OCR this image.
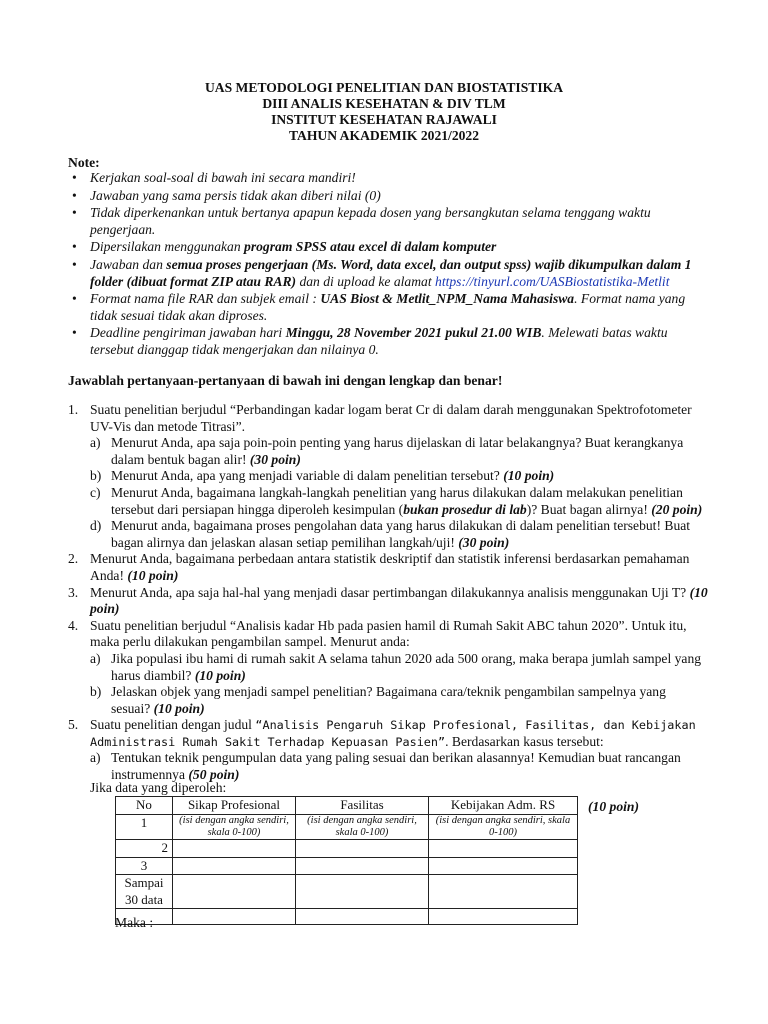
UAS METODOLOGI PENELITIAN DAN BIOSTATISTIKA
DIII ANALIS KESEHATAN & DIV TLM
INSTITUT KESEHATAN RAJAWALI
TAHUN AKADEMIK 2021/2022
Note:
• Kerjakan soal-soal di bawah ini secara mandiri!
• Jawaban yang sama persis tidak akan diberi nilai (0)
• Tidak diperkenankan untuk bertanya apapun kepada dosen yang bersangkutan selama tenggang waktu pengerjaan.
• Dipersilakan menggunakan program SPSS atau excel di dalam komputer
• Jawaban dan semua proses pengerjaan (Ms. Word, data excel, dan output spss) wajib dikumpulkan dalam 1 folder (dibuat format ZIP atau RAR) dan di upload ke alamat https://tinyurl.com/UASBiostatistika-Metlit
• Format nama file RAR dan subjek email : UAS Biost & Metlit_NPM_Nama Mahasiswa. Format nama yang tidak sesuai tidak akan diproses.
• Deadline pengiriman jawaban hari Minggu, 28 November 2021 pukul 21.00 WIB. Melewati batas waktu tersebut dianggap tidak mengerjakan dan nilainya 0.
Jawablah pertanyaan-pertanyaan di bawah ini dengan lengkap dan benar!
1. Suatu penelitian berjudul “Perbandingan kadar logam berat Cr di dalam darah menggunakan Spektrofotometer UV-Vis dan metode Titrasi”.
a) Menurut Anda, apa saja poin-poin penting yang harus dijelaskan di latar belakangnya? Buat kerangkanya dalam bentuk bagan alir! (30 poin)
b) Menurut Anda, apa yang menjadi variable di dalam penelitian tersebut? (10 poin)
c) Menurut Anda, bagaimana langkah-langkah penelitian yang harus dilakukan dalam melakukan penelitian tersebut dari persiapan hingga diperoleh kesimpulan (bukan prosedur di lab)? Buat bagan alirnya! (20 poin)
d) Menurut anda, bagaimana proses pengolahan data yang harus dilakukan di dalam penelitian tersebut! Buat bagan alirnya dan jelaskan alasan setiap pemilihan langkah/uji! (30 poin)
2. Menurut Anda, bagaimana perbedaan antara statistik deskriptif dan statistik inferensi berdasarkan pemahaman Anda! (10 poin)
3. Menurut Anda, apa saja hal-hal yang menjadi dasar pertimbangan dilakukannya analisis menggunakan Uji T? (10 poin)
4. Suatu penelitian berjudul “Analisis kadar Hb pada pasien hamil di Rumah Sakit ABC tahun 2020”. Untuk itu, maka perlu dilakukan pengambilan sampel. Menurut anda:
a) Jika populasi ibu hami di rumah sakit A selama tahun 2020 ada 500 orang, maka berapa jumlah sampel yang harus diambil? (10 poin)
b) Jelaskan objek yang menjadi sampel penelitian? Bagaimana cara/teknik pengambilan sampelnya yang sesuai? (10 poin)
5. Suatu penelitian dengan judul “Analisis Pengaruh Sikap Profesional, Fasilitas, dan Kebijakan Administrasi Rumah Sakit Terhadap Kepuasan Pasien”. Berdasarkan kasus tersebut:
a) Tentukan teknik pengumpulan data yang paling sesuai dan berikan alasannya! Kemudian buat rancangan instrumennya (50 poin)
Jika data yang diperoleh:
No	Sikap Profesional	Fasilitas	Kebijakan Adm. RS
1	(isi dengan angka sendiri, skala 0-100)	(isi dengan angka sendiri, skala 0-100)	(isi dengan angka sendiri, skala 0-100)
2			
3			
Sampai 30 data			

(10 poin)
Maka :
